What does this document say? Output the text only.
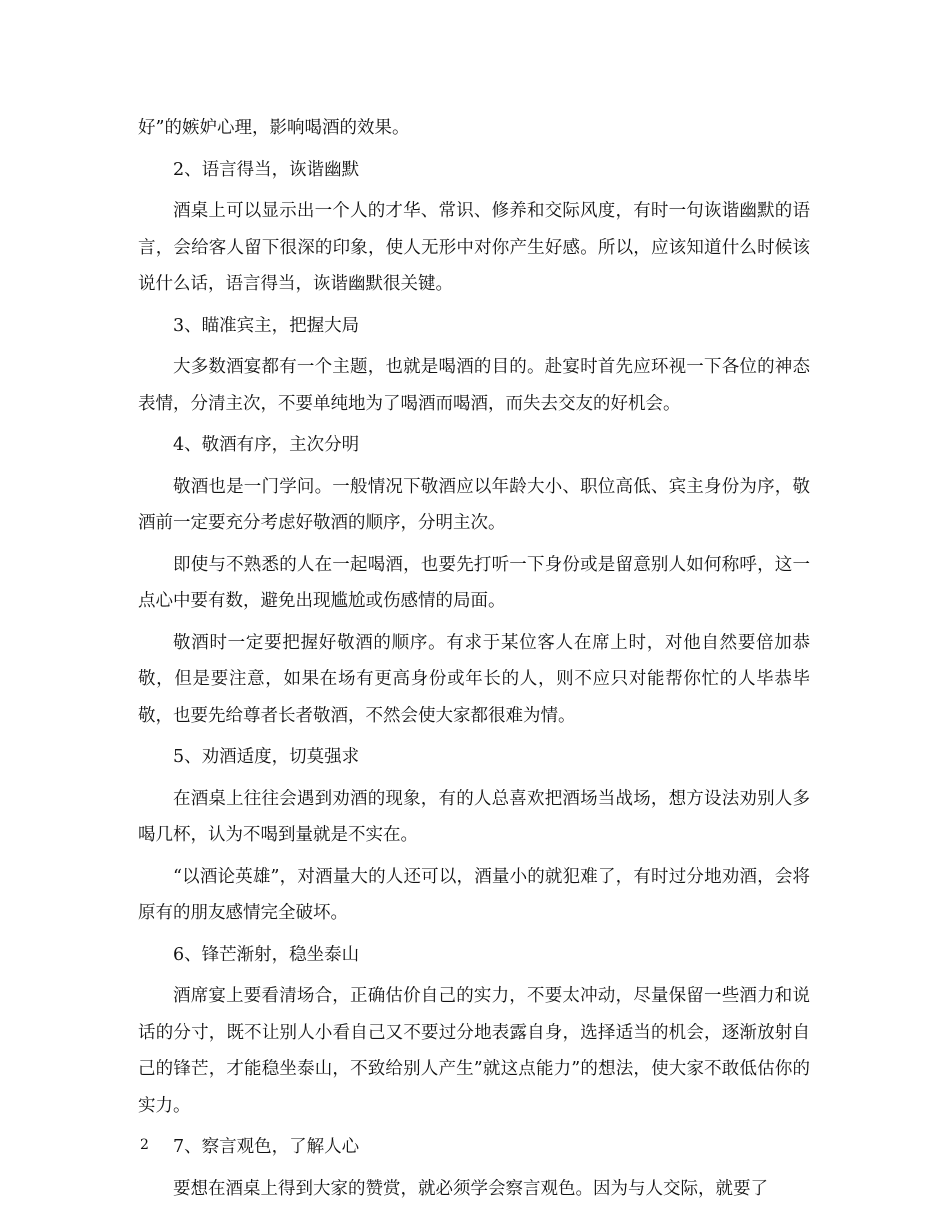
好”的嫉妒心理，影响喝酒的效果。

2、语言得当，诙谐幽默

酒桌上可以显示出一个人的才华、常识、修养和交际风度，有时一句诙谐幽默的语言，会给客人留下很深的印象，使人无形中对你产生好感。所以，应该知道什么时候该说什么话，语言得当，诙谐幽默很关键。

3、瞄准宾主，把握大局

大多数酒宴都有一个主题，也就是喝酒的目的。赴宴时首先应环视一下各位的神态表情，分清主次，不要单纯地为了喝酒而喝酒，而失去交友的好机会。

4、敬酒有序，主次分明

敬酒也是一门学问。一般情况下敬酒应以年龄大小、职位高低、宾主身份为序，敬酒前一定要充分考虑好敬酒的顺序，分明主次。

即使与不熟悉的人在一起喝酒，也要先打听一下身份或是留意别人如何称呼，这一点心中要有数，避免出现尴尬或伤感情的局面。

敬酒时一定要把握好敬酒的顺序。有求于某位客人在席上时，对他自然要倍加恭敬，但是要注意，如果在场有更高身份或年长的人，则不应只对能帮你忙的人毕恭毕敬，也要先给尊者长者敬酒，不然会使大家都很难为情。

5、劝酒适度，切莫强求

在酒桌上往往会遇到劝酒的现象，有的人总喜欢把酒场当战场，想方设法劝别人多喝几杯，认为不喝到量就是不实在。

“以酒论英雄”，对酒量大的人还可以，酒量小的就犯难了，有时过分地劝酒，会将原有的朋友感情完全破坏。

6、锋芒渐射，稳坐泰山

酒席宴上要看清场合，正确估价自己的实力，不要太冲动，尽量保留一些酒力和说话的分寸，既不让别人小看自己又不要过分地表露自身，选择适当的机会，逐渐放射自己的锋芒，才能稳坐泰山，不致给别人产生”就这点能力”的想法，使大家不敢低估你的实力。

7、察言观色，了解人心

要想在酒桌上得到大家的赞赏，就必须学会察言观色。因为与人交际，就要了

2
